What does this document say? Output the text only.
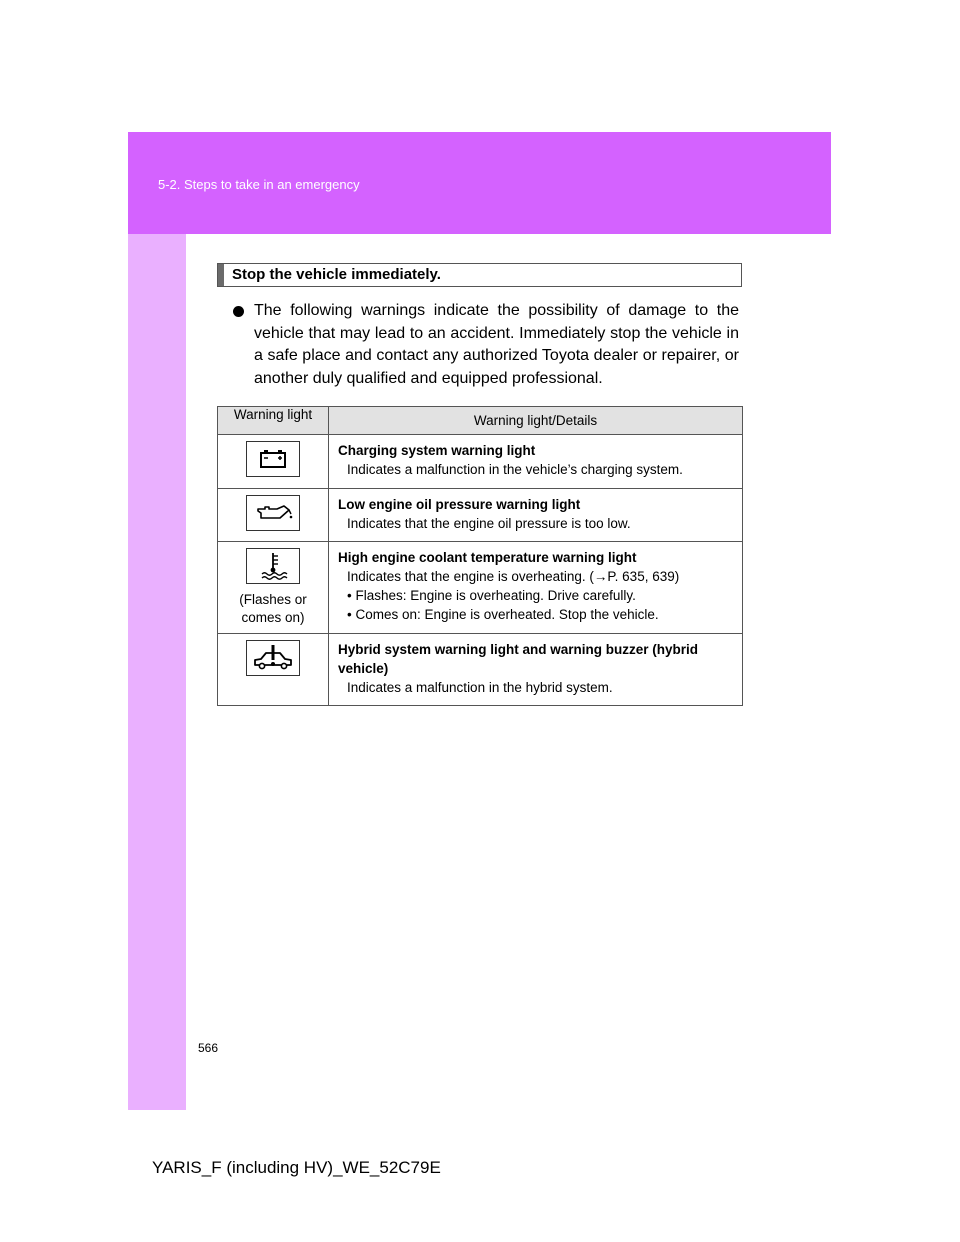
5-2. Steps to take in an emergency
Stop the vehicle immediately.
The following warnings indicate the possibility of damage to the vehicle that may lead to an accident. Immediately stop the vehicle in a safe place and contact any authorized Toyota dealer or repairer, or another duly qualified and equipped professional.
Warning light	Warning light/Details

Charging system warning light
Indicates a malfunction in the vehicle’s charging system.

Low engine oil pressure warning light
Indicates that the engine oil pressure is too low.

(Flashes or comes on)	High engine coolant temperature warning light
Indicates that the engine is overheating. (→P. 635, 639)
• Flashes: Engine is overheating. Drive carefully.
• Comes on: Engine is overheated. Stop the vehicle.

Hybrid system warning light and warning buzzer (hybrid vehicle)
Indicates a malfunction in the hybrid system.
566
YARIS_F (including HV)_WE_52C79E
